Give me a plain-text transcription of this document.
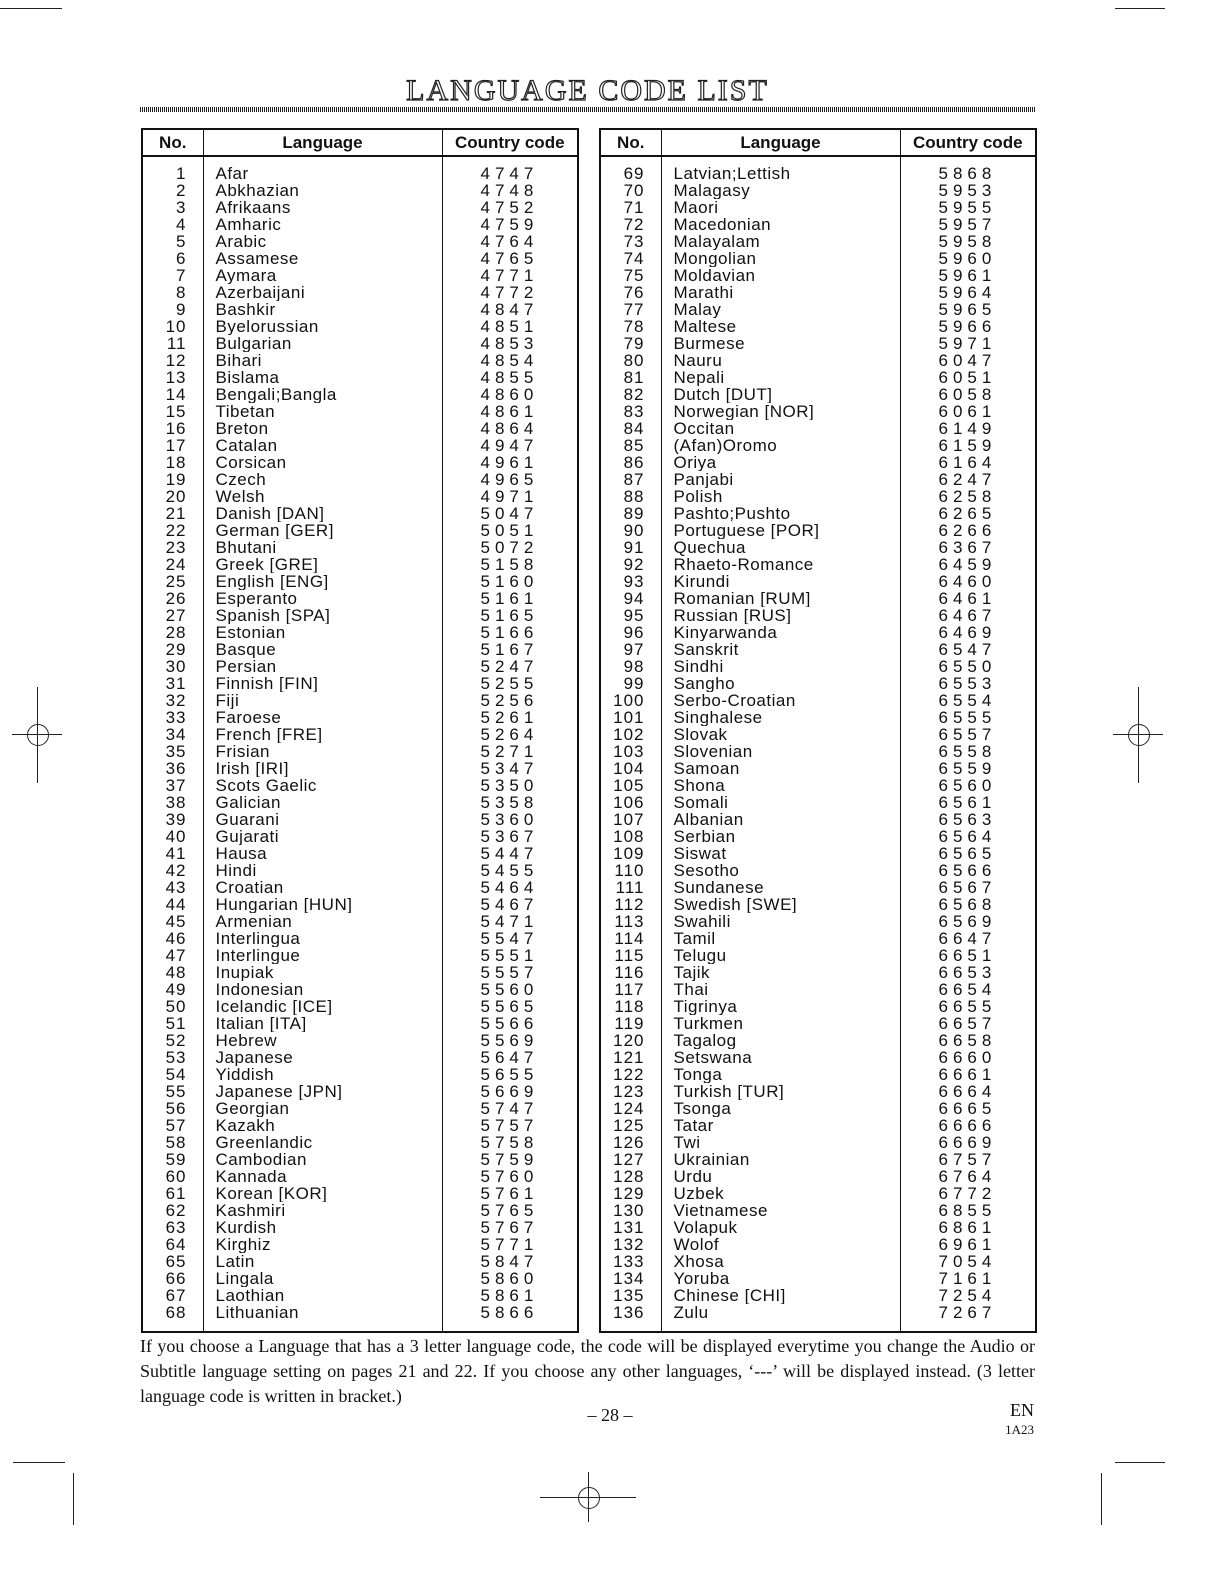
LANGUAGE CODE LIST
No.	Language	Country code
1	Afar	4747
2	Abkhazian	4748
3	Afrikaans	4752
4	Amharic	4759
5	Arabic	4764
6	Assamese	4765
7	Aymara	4771
8	Azerbaijani	4772
9	Bashkir	4847
10	Byelorussian	4851
11	Bulgarian	4853
12	Bihari	4854
13	Bislama	4855
14	Bengali;Bangla	4860
15	Tibetan	4861
16	Breton	4864
17	Catalan	4947
18	Corsican	4961
19	Czech	4965
20	Welsh	4971
21	Danish [DAN]	5047
22	German [GER]	5051
23	Bhutani	5072
24	Greek [GRE]	5158
25	English [ENG]	5160
26	Esperanto	5161
27	Spanish [SPA]	5165
28	Estonian	5166
29	Basque	5167
30	Persian	5247
31	Finnish [FIN]	5255
32	Fiji	5256
33	Faroese	5261
34	French [FRE]	5264
35	Frisian	5271
36	Irish [IRI]	5347
37	Scots Gaelic	5350
38	Galician	5358
39	Guarani	5360
40	Gujarati	5367
41	Hausa	5447
42	Hindi	5455
43	Croatian	5464
44	Hungarian [HUN]	5467
45	Armenian	5471
46	Interlingua	5547
47	Interlingue	5551
48	Inupiak	5557
49	Indonesian	5560
50	Icelandic [ICE]	5565
51	Italian [ITA]	5566
52	Hebrew	5569
53	Japanese	5647
54	Yiddish	5655
55	Japanese [JPN]	5669
56	Georgian	5747
57	Kazakh	5757
58	Greenlandic	5758
59	Cambodian	5759
60	Kannada	5760
61	Korean [KOR]	5761
62	Kashmiri	5765
63	Kurdish	5767
64	Kirghiz	5771
65	Latin	5847
66	Lingala	5860
67	Laothian	5861
68	Lithuanian	5866
No.	Language	Country code
69	Latvian;Lettish	5868
70	Malagasy	5953
71	Maori	5955
72	Macedonian	5957
73	Malayalam	5958
74	Mongolian	5960
75	Moldavian	5961
76	Marathi	5964
77	Malay	5965
78	Maltese	5966
79	Burmese	5971
80	Nauru	6047
81	Nepali	6051
82	Dutch [DUT]	6058
83	Norwegian [NOR]	6061
84	Occitan	6149
85	(Afan)Oromo	6159
86	Oriya	6164
87	Panjabi	6247
88	Polish	6258
89	Pashto;Pushto	6265
90	Portuguese [POR]	6266
91	Quechua	6367
92	Rhaeto-Romance	6459
93	Kirundi	6460
94	Romanian [RUM]	6461
95	Russian [RUS]	6467
96	Kinyarwanda	6469
97	Sanskrit	6547
98	Sindhi	6550
99	Sangho	6553
100	Serbo-Croatian	6554
101	Singhalese	6555
102	Slovak	6557
103	Slovenian	6558
104	Samoan	6559
105	Shona	6560
106	Somali	6561
107	Albanian	6563
108	Serbian	6564
109	Siswat	6565
110	Sesotho	6566
111	Sundanese	6567
112	Swedish [SWE]	6568
113	Swahili	6569
114	Tamil	6647
115	Telugu	6651
116	Tajik	6653
117	Thai	6654
118	Tigrinya	6655
119	Turkmen	6657
120	Tagalog	6658
121	Setswana	6660
122	Tonga	6661
123	Turkish [TUR]	6664
124	Tsonga	6665
125	Tatar	6666
126	Twi	6669
127	Ukrainian	6757
128	Urdu	6764
129	Uzbek	6772
130	Vietnamese	6855
131	Volapuk	6861
132	Wolof	6961
133	Xhosa	7054
134	Yoruba	7161
135	Chinese [CHI]	7254
136	Zulu	7267
If you choose a Language that has a 3 letter language code, the code will be displayed everytime you change the Audio or Subtitle language setting on pages 21 and 22. If you choose any other languages, ‘---’ will be displayed instead. (3 letter language code is written in bracket.)
– 28 –	EN
1A23
